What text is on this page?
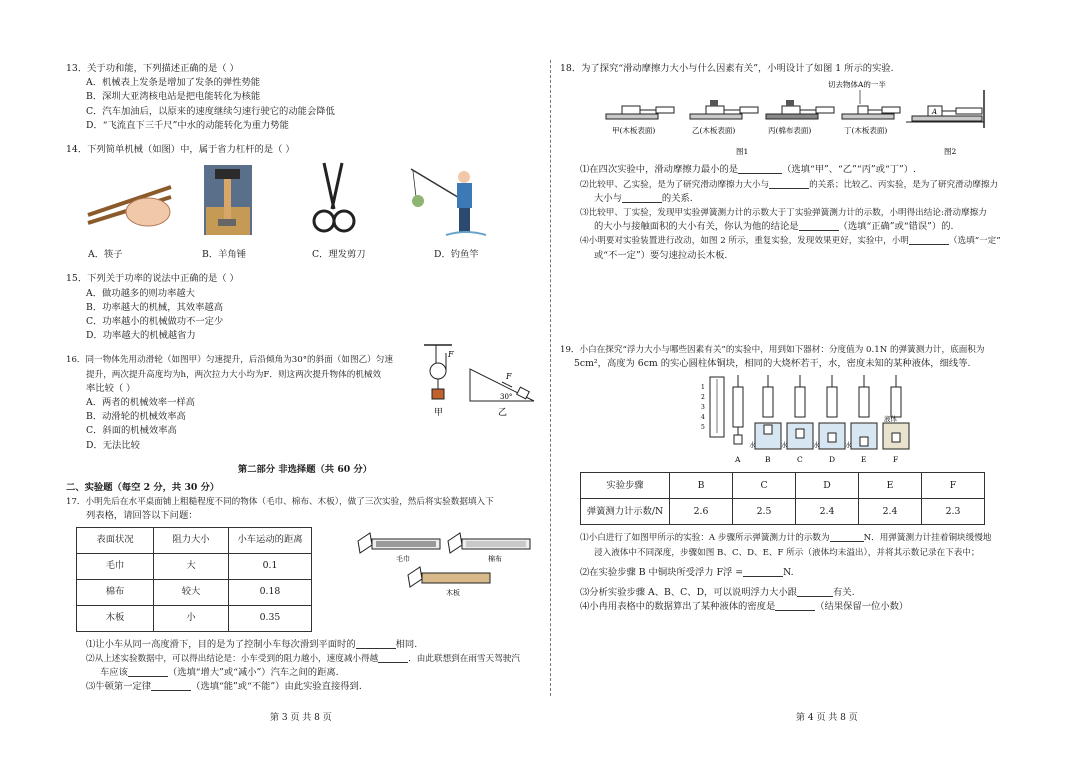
13．关于功和能，下列描述正确的是（ ）

A．机械表上发条是增加了发条的弹性势能
B．深圳大亚湾核电站是把电能转化为核能
C．汽车加油后，以原来的速度继续匀速行驶它的动能会降低
D．“飞流直下三千尺”中水的动能转化为重力势能

14．下列简单机械（如图）中，属于省力杠杆的是（ ）

A．筷子	B．羊角锤	C．理发剪刀	D．钓鱼竿

15．下列关于功率的说法中正确的是（ ）

A．做功越多的则功率越大
B．功率越大的机械，其效率越高
C．功率越小的机械做功不一定少
D．功率越大的机械越省力

16．同一物体先用动滑轮（如图甲）匀速提升，后沿倾角为30°的斜面（如图乙）匀速

提升，两次提升高度均为h，两次拉力大小均为F．则这两次提升物体的机械效

率比较（ ）

A．两者的机械效率一样高
B．动滑轮的机械效率高
C．斜面的机械效率高
D．无法比较
F
甲
F
30°
乙
第二部分 非选择题（共 60 分）
二、实验题（每空 2 分，共 30 分）

17．小明先后在水平桌面铺上粗糙程度不同的物体（毛巾、棉布、木板），做了三次实验，然后将实验数据填入下

列表格，请回答以下问题：

表面状况	阻力大小	小车运动的距离
毛巾	大	0.1
棉布	较大	0.18
木板	小	0.35
毛巾	棉布
木板
⑴让小车从同一高度滑下，目的是为了控制小车每次滑到平面时的	相同.
⑵从上述实验数据中，可以得出结论是：小车受到的阻力越小，速度减小得越	．由此联想到在雨雪天驾驶汽
车应该	（选填“增大”或“减小”）汽车之间的距离.
⑶牛顿第一定律	（选填“能”或“不能”）由此实验直接得到.
第 3 页 共 8 页

18．为了探究“滑动摩擦力大小与什么因素有关”，小明设计了如图 1 所示的实验.

切去物体A的一半
A
甲(木板表面)	乙(木板表面)	丙(棉布表面)	丁(木板表面)
图1	图2
⑴在四次实验中，滑动摩擦力最小的是	（选填“甲”、“乙”“丙”或“丁”）.
⑵比较甲、乙实验，是为了研究滑动摩擦力大小与	的关系；比较乙、丙实验，是为了研究滑动摩擦力
大小与	的关系.
⑶比较甲、丁实验，发现甲实验弹簧测力计的示数大于丁实验弹簧测力计的示数，小明得出结论:滑动摩擦力
的大小与接触面积的大小有关，你认为他的结论是	（选填“正确”或“错误”）的.
⑷小明要对实验装置进行改动，如图 2 所示，重复实验，发现效果更好，实验中，小明	（选填“一定”
或“不一定”）要匀速拉动长木板.

19．小白在探究“浮力大小与哪些因素有关”的实验中，用到如下器材：分度值为 0.1N 的弹簧测力计，底面积为

5cm²，高度为 6cm 的实心圆柱体铜块，相同的大烧杯若干，水，密度未知的某种液体，细线等.

1
2
3
4
5
水	水	水	水
液体
A	B	C	D	E	F
实验步骤	B	C	D	E	F
弹簧测力计示数/N	2.6	2.5	2.4	2.4	2.3
⑴小白进行了如图甲所示的实验：A 步骤所示弹簧测力计的示数为	N．用弹簧测力计挂着铜块缓慢地
浸入液体中不同深度，步骤如图 B、C、D、E、F 所示（液体均未溢出），并将其示数记录在下表中；
⑵在实验步骤 B 中铜块所受浮力 F浮 =	N.
⑶分析实验步骤 A、B、C、D，可以说明浮力大小跟	有关.
⑷小冉用表格中的数据算出了某种液体的密度是	（结果保留一位小数）
第 4 页 共 8 页
